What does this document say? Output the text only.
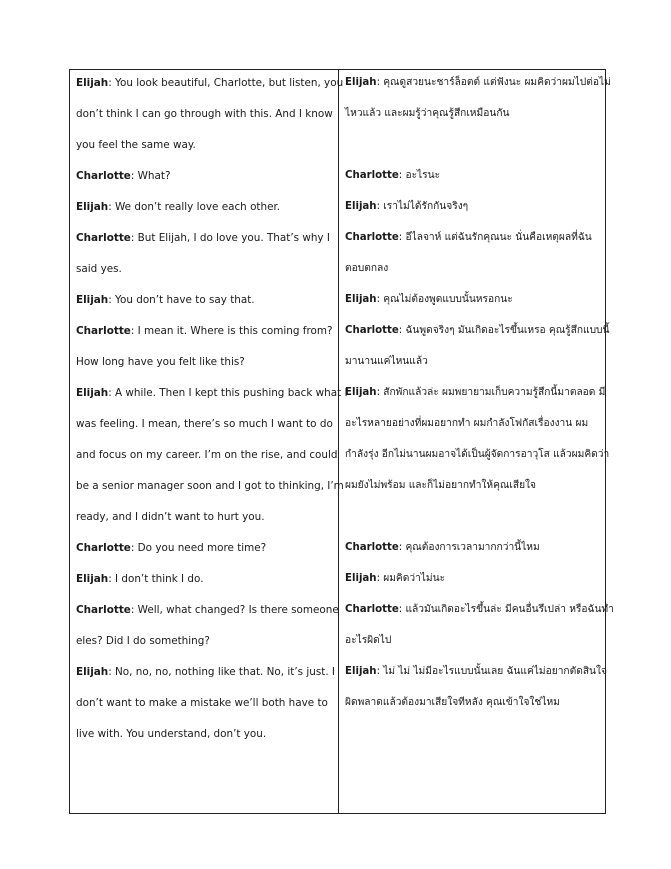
Elijah: You look beautiful, Charlotte, but listen, you
don’t think I can go through with this. And I know
you feel the same way.
Charlotte: What?
Elijah: We don’t really love each other.
Charlotte: But Elijah, I do love you. That’s why I
said yes.
Elijah: You don’t have to say that.
Charlotte: I mean it. Where is this coming from?
How long have you felt like this?
Elijah: A while. Then I kept this pushing back what I
was feeling. I mean, there’s so much I want to do
and focus on my career. I’m on the rise, and could
be a senior manager soon and I got to thinking, I’m
ready, and I didn’t want to hurt you.
Charlotte: Do you need more time?
Elijah: I don’t think I do.
Charlotte: Well, what changed? Is there someone
eles? Did I do something?
Elijah: No, no, no, nothing like that. No, it’s just. I
don’t want to make a mistake we’ll both have to
live with. You understand, don’t you.
Elijah: คุณดูสวยนะชาร์ล็อตต์ แต่ฟังนะ ผมคิดว่าผมไปต่อไม่
ไหวแล้ว และผมรู้ว่าคุณรู้สึกเหมือนกัน
Charlotte: อะไรนะ
Elijah: เราไม่ได้รักกันจริงๆ
Charlotte: อีไลจาห์ แต่ฉันรักคุณนะ นั่นคือเหตุผลที่ฉัน
ตอบตกลง
Elijah: คุณไม่ต้องพูดแบบนั้นหรอกนะ
Charlotte: ฉันพูดจริงๆ มันเกิดอะไรขึ้นเหรอ คุณรู้สึกแบบนี้
มานานแค่ไหนแล้ว
Elijah: สักพักแล้วล่ะ ผมพยายามเก็บความรู้สึกนี้มาตลอด มี
อะไรหลายอย่างที่ผมอยากทำ ผมกำลังโฟกัสเรื่องงาน ผม
กำลังรุ่ง อีกไม่นานผมอาจได้เป็นผู้จัดการอาวุโส แล้วผมคิดว่า
ผมยังไม่พร้อม และก็ไม่อยากทำให้คุณเสียใจ
Charlotte: คุณต้องการเวลามากกว่านี้ไหม
Elijah: ผมคิดว่าไม่นะ
Charlotte: แล้วมันเกิดอะไรขึ้นล่ะ มีคนอื่นรึเปล่า หรือฉันทำ
อะไรผิดไป
Elijah: ไม่ ไม่ ไม่มีอะไรแบบนั้นเลย ฉันแค่ไม่อยากตัดสินใจ
ผิดพลาดแล้วต้องมาเสียใจทีหลัง คุณเข้าใจใช่ไหม
